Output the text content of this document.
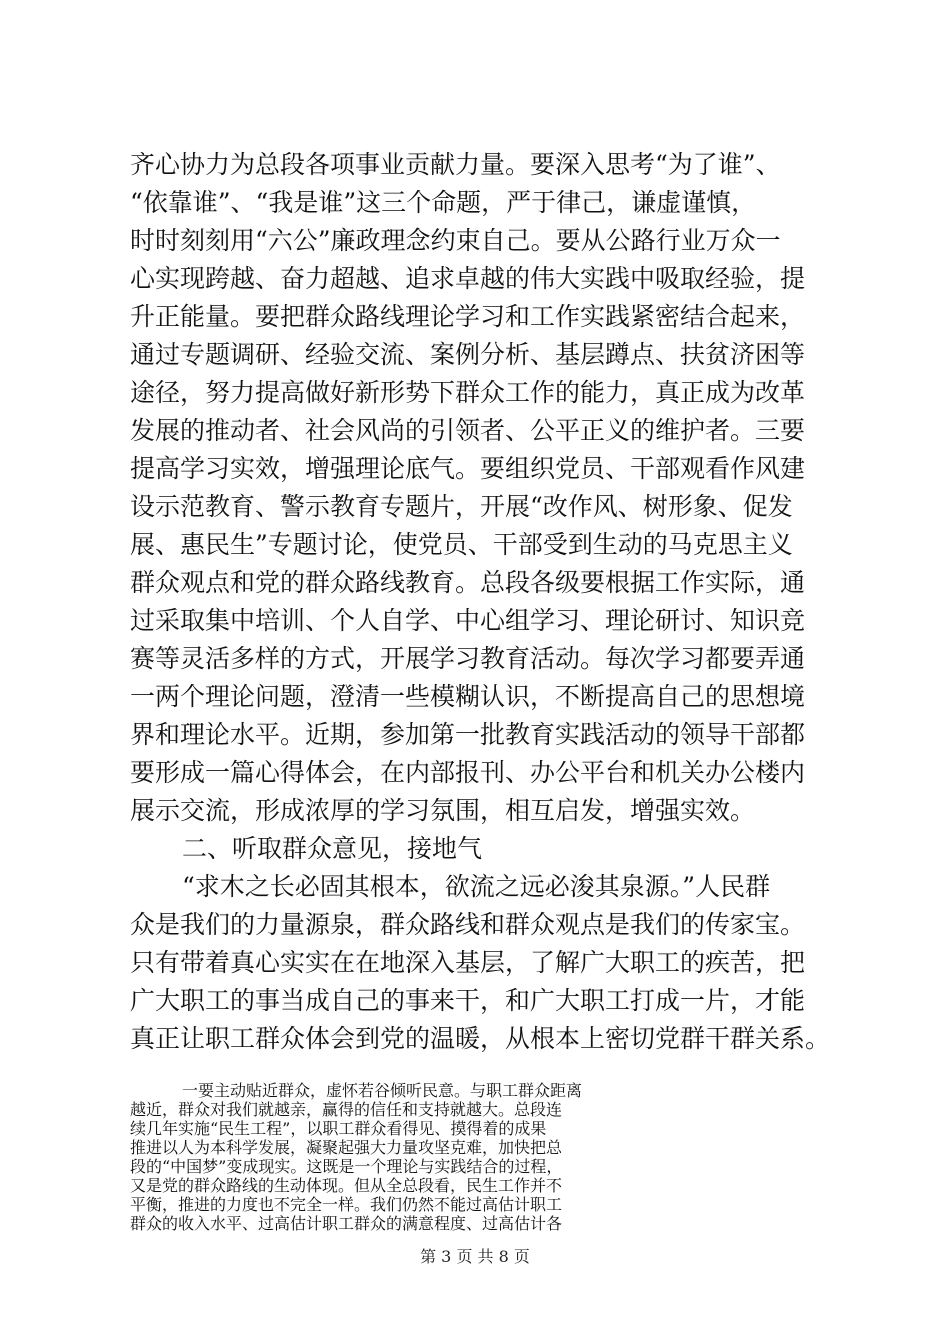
齐心协力为总段各项事业贡献力量。要深入思考“为了谁”、
“依靠谁”、“我是谁”这三个命题，严于律己，谦虚谨慎，
时时刻刻用“六公”廉政理念约束自己。要从公路行业万众一
心实现跨越、奋力超越、追求卓越的伟大实践中吸取经验，提
升正能量。要把群众路线理论学习和工作实践紧密结合起来，
通过专题调研、经验交流、案例分析、基层蹲点、扶贫济困等
途径，努力提高做好新形势下群众工作的能力，真正成为改革
发展的推动者、社会风尚的引领者、公平正义的维护者。三要
提高学习实效，增强理论底气。要组织党员、干部观看作风建
设示范教育、警示教育专题片，开展“改作风、树形象、促发
展、惠民生”专题讨论，使党员、干部受到生动的马克思主义
群众观点和党的群众路线教育。总段各级要根据工作实际，通
过采取集中培训、个人自学、中心组学习、理论研讨、知识竞
赛等灵活多样的方式，开展学习教育活动。每次学习都要弄通
一两个理论问题，澄清一些模糊认识，不断提高自己的思想境
界和理论水平。近期，参加第一批教育实践活动的领导干部都
要形成一篇心得体会，在内部报刊、办公平台和机关办公楼内
展示交流，形成浓厚的学习氛围，相互启发，增强实效。
二、听取群众意见，接地气
“求木之长必固其根本，欲流之远必浚其泉源。”人民群
众是我们的力量源泉，群众路线和群众观点是我们的传家宝。
只有带着真心实实在在地深入基层，了解广大职工的疾苦，把
广大职工的事当成自己的事来干，和广大职工打成一片，才能
真正让职工群众体会到党的温暖，从根本上密切党群干群关系。
一要主动贴近群众，虚怀若谷倾听民意。与职工群众距离
越近，群众对我们就越亲，赢得的信任和支持就越大。总段连
续几年实施“民生工程”，以职工群众看得见、摸得着的成果
推进以人为本科学发展，凝聚起强大力量攻坚克难，加快把总
段的“中国梦”变成现实。这既是一个理论与实践结合的过程，
又是党的群众路线的生动体现。但从全总段看，民生工作并不
平衡，推进的力度也不完全一样。我们仍然不能过高估计职工
群众的收入水平、过高估计职工群众的满意程度、过高估计各
第 3 页 共 8 页
